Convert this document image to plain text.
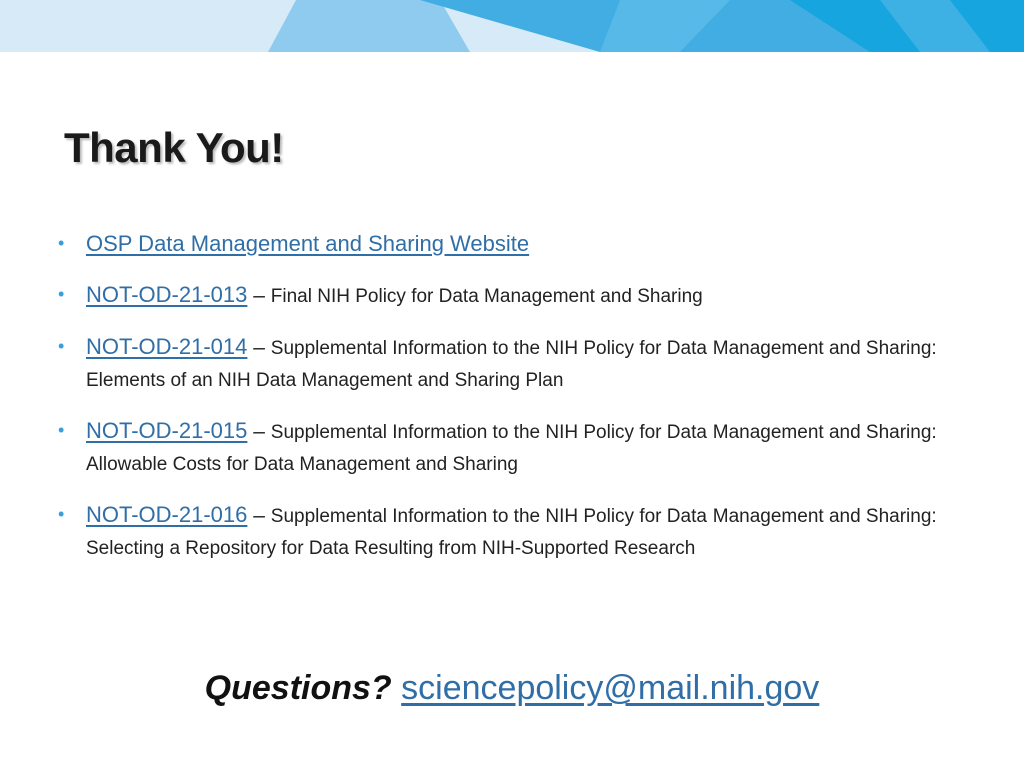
Thank You!
• OSP Data Management and Sharing Website
• NOT-OD-21-013 – Final NIH Policy for Data Management and Sharing
• NOT-OD-21-014 – Supplemental Information to the NIH Policy for Data Management and Sharing: Elements of an NIH Data Management and Sharing Plan
• NOT-OD-21-015 – Supplemental Information to the NIH Policy for Data Management and Sharing: Allowable Costs for Data Management and Sharing
• NOT-OD-21-016 – Supplemental Information to the NIH Policy for Data Management and Sharing: Selecting a Repository for Data Resulting from NIH-Supported Research
Questions? sciencepolicy@mail.nih.gov
